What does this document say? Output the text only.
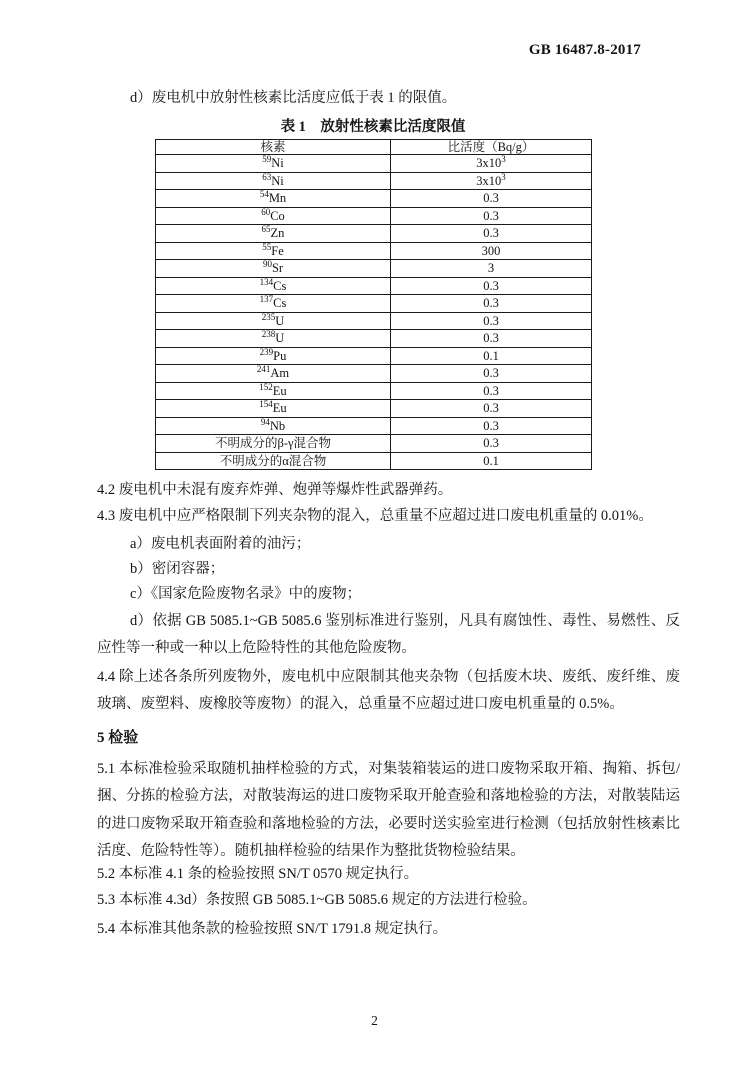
GB 16487.8-2017
d）废电机中放射性核素比活度应低于表 1 的限值。
表 1　放射性核素比活度限值
核素	比活度（Bq/g）
$^{59}$Ni	$3x10^3$
$^{63}$Ni	$3x10^3$
$^{54}$Mn	0.3
$^{60}$Co	0.3
$^{65}$Zn	0.3
$^{55}$Fe	300
$^{90}$Sr	3
$^{134}$Cs	0.3
$^{137}$Cs	0.3
$^{235}$U	0.3
$^{238}$U	0.3
$^{239}$Pu	0.1
$^{241}$Am	0.3
$^{152}$Eu	0.3
$^{154}$Eu	0.3
$^{94}$Nb	0.3
不明成分的β-γ混合物	0.3
不明成分的α混合物	0.1
4.2 废电机中未混有废弃炸弹、炮弹等爆炸性武器弹药。
4.3 废电机中应严格限制下列夹杂物的混入，总重量不应超过进口废电机重量的 0.01%。
a）废电机表面附着的油污；
b）密闭容器；
c）《国家危险废物名录》中的废物；
d）依据 GB 5085.1~GB 5085.6 鉴别标准进行鉴别，凡具有腐蚀性、毒性、易燃性、反
应性等一种或一种以上危险特性的其他危险废物。
4.4 除上述各条所列废物外，废电机中应限制其他夹杂物（包括废木块、废纸、废纤维、废
玻璃、废塑料、废橡胶等废物）的混入，总重量不应超过进口废电机重量的 0.5%。
5 检验
5.1 本标准检验采取随机抽样检验的方式，对集装箱装运的进口废物采取开箱、掏箱、拆包/
捆、分拣的检验方法，对散装海运的进口废物采取开舱查验和落地检验的方法，对散装陆运
的进口废物采取开箱查验和落地检验的方法，必要时送实验室进行检测（包括放射性核素比
活度、危险特性等）。随机抽样检验的结果作为整批货物检验结果。
5.2 本标准 4.1 条的检验按照 SN/T 0570 规定执行。
5.3 本标准 4.3d）条按照 GB 5085.1~GB 5085.6 规定的方法进行检验。
5.4 本标准其他条款的检验按照 SN/T 1791.8 规定执行。
2
